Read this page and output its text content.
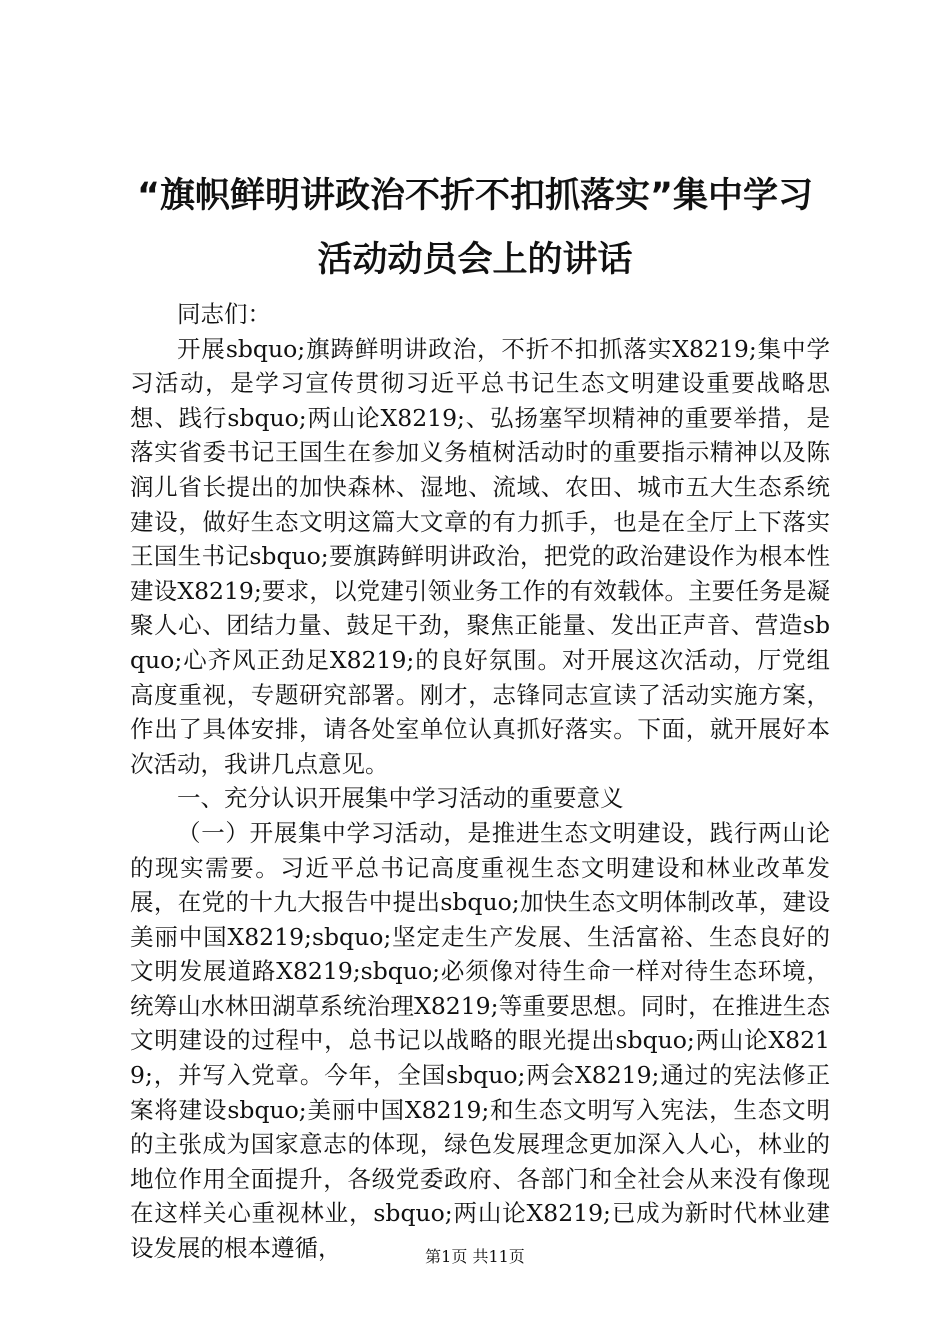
“旗帜鲜明讲政治不折不扣抓落实”集中学习
活动动员会上的讲话

同志们：

开展sbquo;旗踌鲜明讲政治，不折不扣抓落实X8219;集中学习活动，是学习宣传贯彻习近平总书记生态文明建设重要战略思想、践行sbquo;两山论X8219;、弘扬塞罕坝精神的重要举措，是落实省委书记王国生在参加义务植树活动时的重要指示精神以及陈润儿省长提出的加快森林、湿地、流域、农田、城市五大生态系统建设，做好生态文明这篇大文章的有力抓手，也是在全厅上下落实王国生书记sbquo;要旗踌鲜明讲政治，把党的政治建设作为根本性建设X8219;要求，以党建引领业务工作的有效载体。主要任务是凝聚人心、团结力量、鼓足干劲，聚焦正能量、发出正声音、营造sbquo;心齐风正劲足X8219;的良好氛围。对开展这次活动，厅党组高度重视，专题研究部署。刚才，志锋同志宣读了活动实施方案，作出了具体安排，请各处室单位认真抓好落实。下面，就开展好本次活动，我讲几点意见。

一、充分认识开展集中学习活动的重要意义

（一）开展集中学习活动，是推进生态文明建设，践行两山论的现实需要。习近平总书记高度重视生态文明建设和林业改革发展，在党的十九大报告中提出sbquo;加快生态文明体制改革，建设美丽中国X8219;sbquo;坚定走生产发展、生活富裕、生态良好的文明发展道路X8219;sbquo;必须像对待生命一样对待生态环境，统筹山水林田湖草系统治理X8219;等重要思想。同时，在推进生态文明建设的过程中，总书记以战略的眼光提出sbquo;两山论X8219;，并写入党章。今年，全国sbquo;两会X8219;通过的宪法修正案将建设sbquo;美丽中国X8219;和生态文明写入宪法，生态文明的主张成为国家意志的体现，绿色发展理念更加深入人心，林业的地位作用全面提升，各级党委政府、各部门和全社会从来没有像现在这样关心重视林业，sbquo;两山论X8219;已成为新时代林业建设发展的根本遵循，	第1页 共11页
